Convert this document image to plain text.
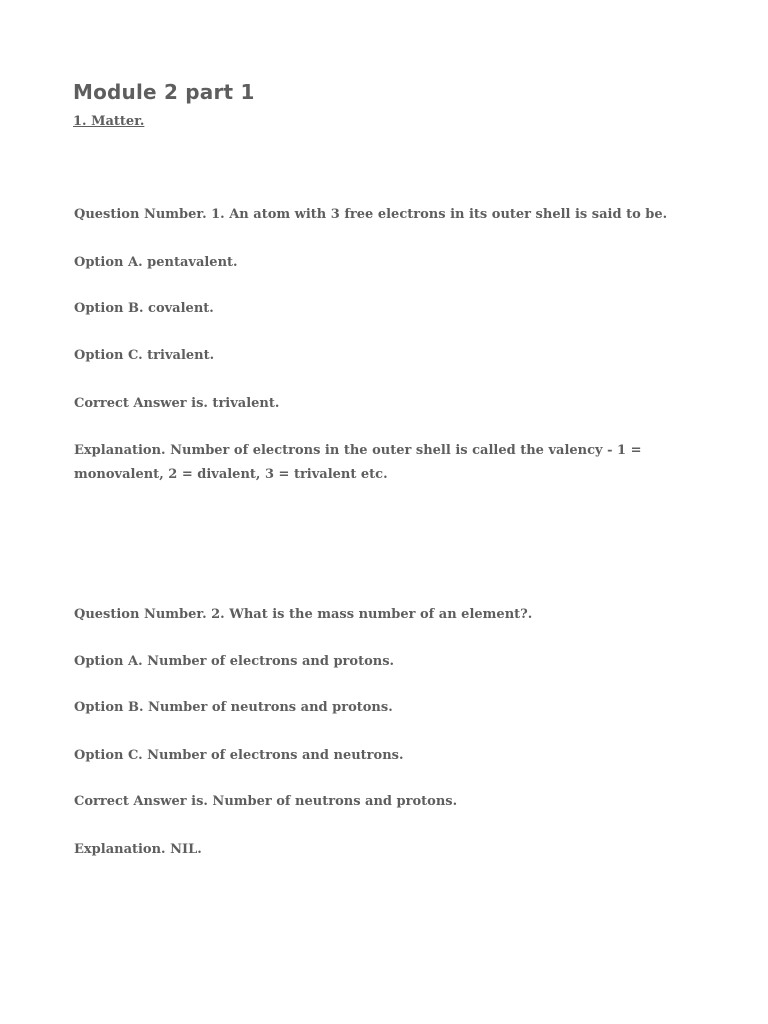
Module 2 part 1

1. Matter.

Question Number. 1. An atom with 3 free electrons in its outer shell is said to be.

Option A. pentavalent.

Option B. covalent.

Option C. trivalent.

Correct Answer is. trivalent.

Explanation. Number of electrons in the outer shell is called the valency - 1 = monovalent, 2 = divalent, 3 = trivalent etc.

Question Number. 2. What is the mass number of an element?.

Option A. Number of electrons and protons.

Option B. Number of neutrons and protons.

Option C. Number of electrons and neutrons.

Correct Answer is. Number of neutrons and protons.

Explanation. NIL.
